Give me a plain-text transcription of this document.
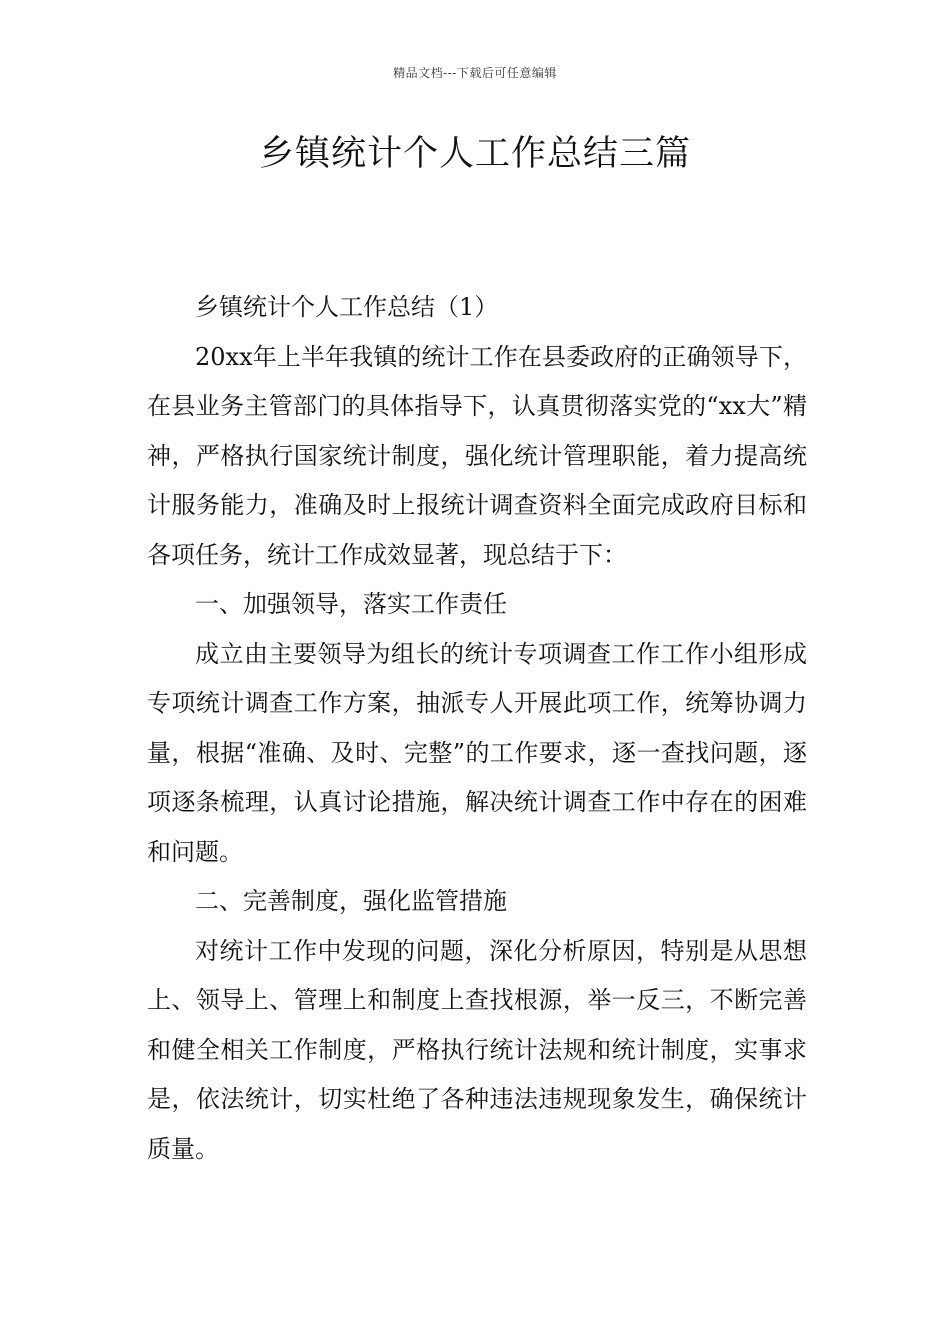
精品文档---下载后可任意编辑
乡镇统计个人工作总结三篇

乡镇统计个人工作总结（1）

20xx年上半年我镇的统计工作在县委政府的正确领导下，在县业务主管部门的具体指导下，认真贯彻落实党的“xx大”精神，严格执行国家统计制度，强化统计管理职能，着力提高统计服务能力，准确及时上报统计调查资料全面完成政府目标和各项任务，统计工作成效显著，现总结于下：

一、加强领导，落实工作责任

成立由主要领导为组长的统计专项调查工作工作小组形成专项统计调查工作方案，抽派专人开展此项工作，统筹协调力量，根据“准确、及时、完整”的工作要求，逐一查找问题，逐项逐条梳理，认真讨论措施，解决统计调查工作中存在的困难和问题。

二、完善制度，强化监管措施

对统计工作中发现的问题，深化分析原因，特别是从思想上、领导上、管理上和制度上查找根源，举一反三，不断完善和健全相关工作制度，严格执行统计法规和统计制度，实事求是，依法统计，切实杜绝了各种违法违规现象发生，确保统计质量。
